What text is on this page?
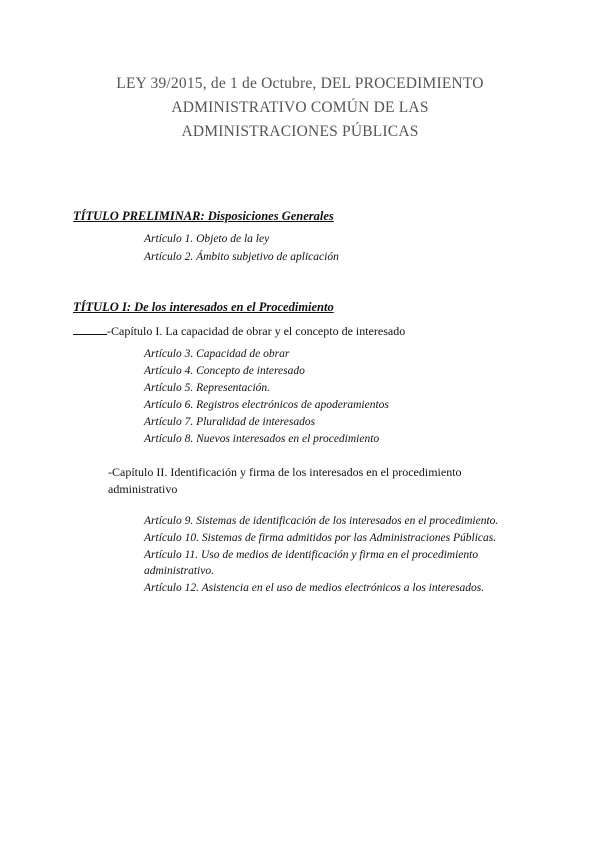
LEY 39/2015, de 1 de Octubre, DEL PROCEDIMIENTO
ADMINISTRATIVO COMÚN DE LAS
ADMINISTRACIONES PÚBLICAS
TÍTULO PRELIMINAR: Disposiciones Generales
Artículo 1. Objeto de la ley
Artículo 2. Ámbito subjetivo de aplicación
TÍTULO I: De los interesados en el Procedimiento
-Capítulo I. La capacidad de obrar y el concepto de interesado
Artículo 3. Capacidad de obrar
Artículo 4. Concepto de interesado
Artículo 5. Representación.
Artículo 6. Registros electrónicos de apoderamientos
Artículo 7. Pluralidad de interesados
Artículo 8. Nuevos interesados en el procedimiento
-Capítulo II. Identificación y firma de los interesados en el procedimiento
administrativo
Artículo 9. Sistemas de identificación de los interesados en el procedimiento.
Artículo 10. Sistemas de firma admitidos por las Administraciones Públicas.
Artículo 11. Uso de medios de identificación y firma en el procedimiento
administrativo.
Artículo 12. Asistencia en el uso de medios electrónicos a los interesados.
